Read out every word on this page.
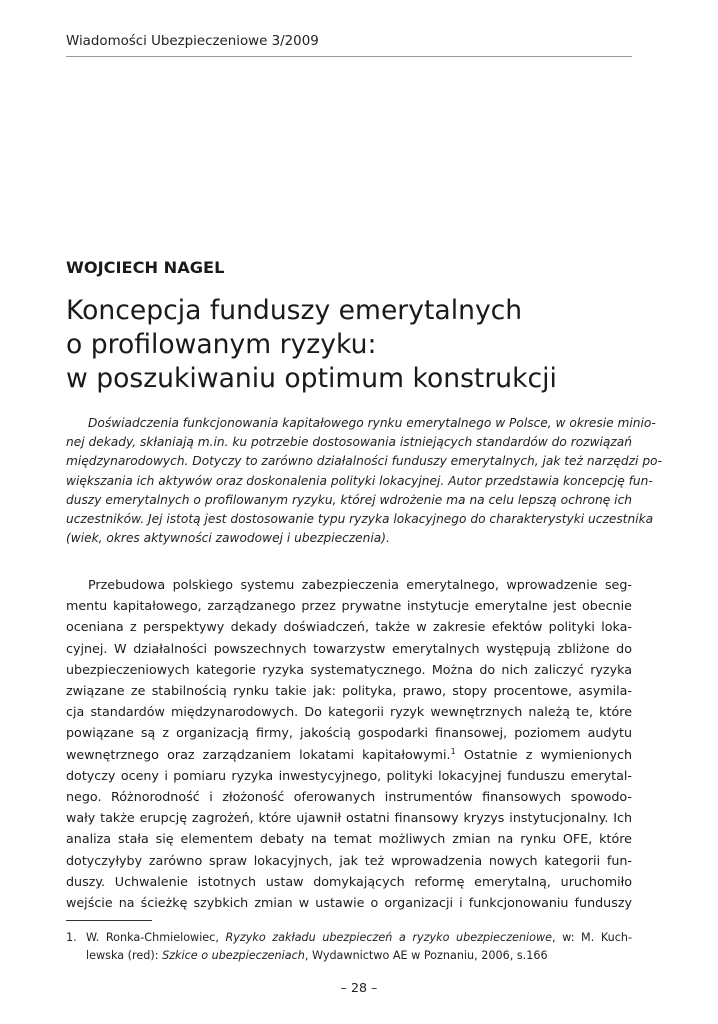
Wiadomości Ubezpieczeniowe 3/2009
WOJCIECH NAGEL
Koncepcja funduszy emerytalnych
o profilowanym ryzyku:
w poszukiwaniu optimum konstrukcji
Doświadczenia funkcjonowania kapitałowego rynku emerytalnego w Polsce, w okresie minio-
nej dekady, skłaniają m.in. ku potrzebie dostosowania istniejących standardów do rozwiązań
międzynarodowych. Dotyczy to zarówno działalności funduszy emerytalnych, jak też narzędzi po-
większania ich aktywów oraz doskonalenia polityki lokacyjnej. Autor przedstawia koncepcję fun-
duszy emerytalnych o profilowanym ryzyku, której wdrożenie ma na celu lepszą ochronę ich
uczestników. Jej istotą jest dostosowanie typu ryzyka lokacyjnego do charakterystyki uczestnika
(wiek, okres aktywności zawodowej i ubezpieczenia).
Przebudowa polskiego systemu zabezpieczenia emerytalnego, wprowadzenie seg-
mentu kapitałowego, zarządzanego przez prywatne instytucje emerytalne jest obecnie
oceniana z perspektywy dekady doświadczeń, także w zakresie efektów polityki loka-
cyjnej. W działalności powszechnych towarzystw emerytalnych występują zbliżone do
ubezpieczeniowych kategorie ryzyka systematycznego. Można do nich zaliczyć ryzyka
związane ze stabilnością rynku takie jak: polityka, prawo, stopy procentowe, asymila-
cja standardów międzynarodowych. Do kategorii ryzyk wewnętrznych należą te, które
powiązane są z organizacją firmy, jakością gospodarki finansowej, poziomem audytu
wewnętrznego oraz zarządzaniem lokatami kapitałowymi.$^1$ Ostatnie z wymienionych
dotyczy oceny i pomiaru ryzyka inwestycyjnego, polityki lokacyjnej funduszu emerytal-
nego. Różnorodność i złożoność oferowanych instrumentów finansowych spowodo-
wały także erupcję zagrożeń, które ujawnił ostatni finansowy kryzys instytucjonalny. Ich
analiza stała się elementem debaty na temat możliwych zmian na rynku OFE, które
dotyczyłyby zarówno spraw lokacyjnych, jak też wprowadzenia nowych kategorii fun-
duszy. Uchwalenie istotnych ustaw domykających reformę emerytalną, uruchomiło
wejście na ścieżkę szybkich zmian w ustawie o organizacji i funkcjonowaniu funduszy
1. W. Ronka-Chmielowiec, Ryzyko zakładu ubezpieczeń a ryzyko ubezpieczeniowe, w: M. Kuch-
lewska (red): Szkice o ubezpieczeniach, Wydawnictwo AE w Poznaniu, 2006, s.166
– 28 –
